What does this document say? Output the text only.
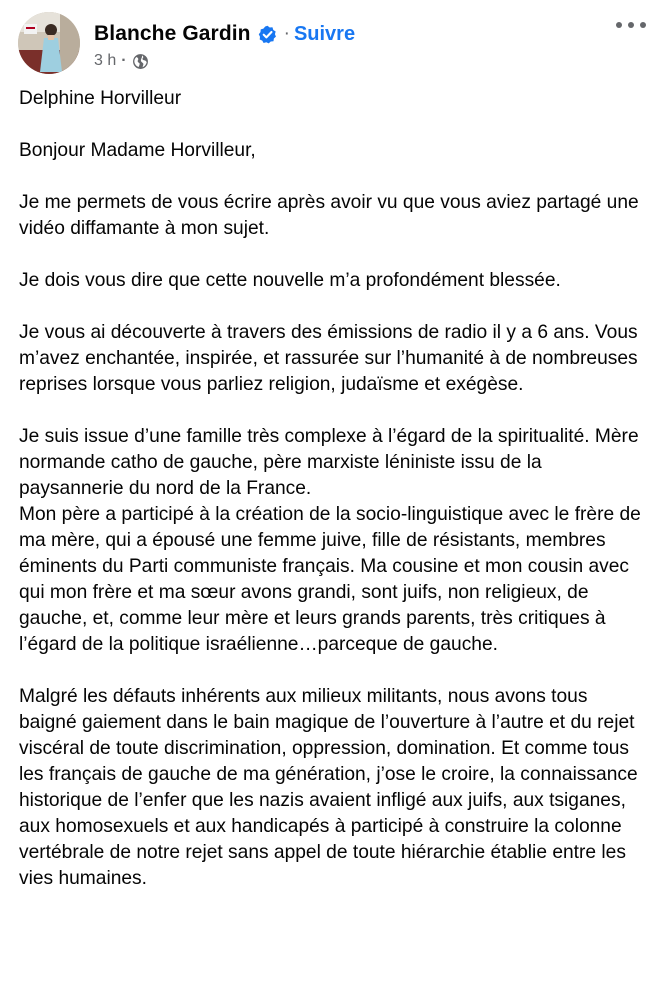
Blanche Gardin · Suivre
3 h ·

Delphine Horvilleur

Bonjour Madame Horvilleur,

Je me permets de vous écrire après avoir vu que vous aviez partagé une vidéo diffamante à mon sujet.

Je dois vous dire que cette nouvelle m’a profondément blessée.

Je vous ai découverte à travers des émissions de radio il y a 6 ans. Vous m’avez enchantée, inspirée, et rassurée sur l’humanité à de nombreuses reprises lorsque vous parliez religion, judaïsme et exégèse.

Je suis issue d’une famille très complexe à l’égard de la spiritualité. Mère normande catho de gauche, père marxiste léniniste issu de la paysannerie du nord de la France.

Mon père a participé à la création de la socio-linguistique avec le frère de ma mère, qui a épousé une femme juive, fille de résistants, membres éminents du Parti communiste français. Ma cousine et mon cousin avec qui mon frère et ma sœur avons grandi, sont juifs, non religieux, de gauche, et, comme leur mère et leurs grands parents, très critiques à l’égard de la politique israélienne…parceque de gauche.

Malgré les défauts inhérents aux milieux militants, nous avons tous baigné gaiement dans le bain magique de l’ouverture à l’autre et du rejet viscéral de toute discrimination, oppression, domination. Et comme tous les français de gauche de ma génération, j’ose le croire, la connaissance historique de l’enfer que les nazis avaient infligé aux juifs, aux tsiganes, aux homosexuels et aux handicapés à participé à construire la colonne vertébrale de notre rejet sans appel de toute hiérarchie établie entre les vies humaines.
